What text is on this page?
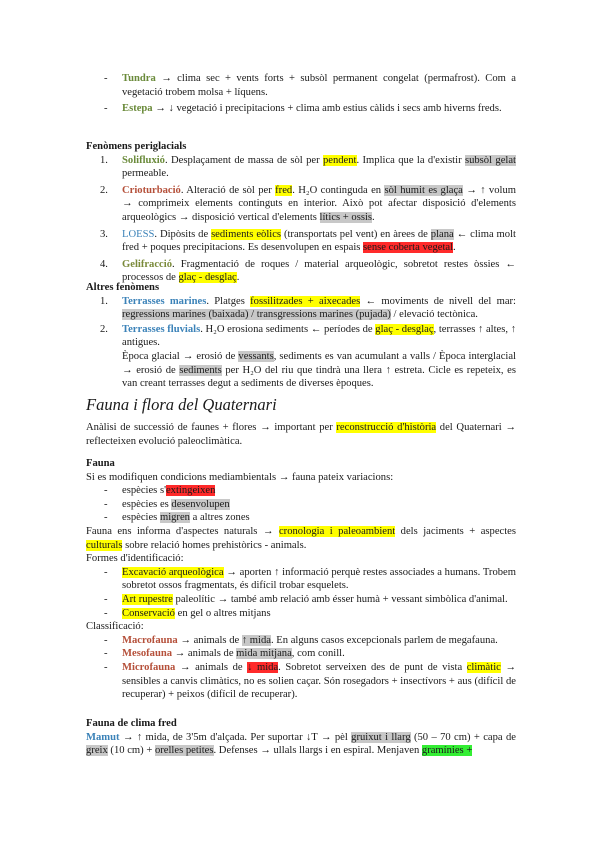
- Tundra → clima sec + vents forts + subsòl permanent congelat (permafrost). Com a vegetació trobem molsa + líquens.
- Estepa → ↓ vegetació i precipitacions + clima amb estius càlids i secs amb hiverns freds.
Fenòmens periglacials
1. Solifluxió. Desplaçament de massa de sòl per pendent. Implica que la d'existir subsòl gelat permeable.
2. Crioturbació. Alteració de sòl per fred. H₂O continguda en sòl humit es glaça → ↑ volum → comprimeix elements continguts en interior. Això pot afectar disposició d'elements arqueològics → disposició vertical d'elements lítics + ossis.
3. LOESS. Dipòsits de sediments eòlics (transportats pel vent) en àrees de plana ← clima molt fred + poques precipitacions. Es desenvolupen en espais sense coberta vegetal.
4. Gelifracció. Fragmentació de roques / material arqueològic, sobretot restes òssies ← processos de glaç - desglaç.
Altres fenòmens
1. Terrasses marines. Platges fossilitzades + aixecades ← moviments de nivell del mar: regressions marines (baixada) / transgressions marines (pujada) / elevació tectònica.
2. Terrasses fluvials. H₂O erosiona sediments ← períodes de glaç - desglaç, terrasses ↑ altes, ↑ antigues.
Època glacial → erosió de vessants, sediments es van acumulant a valls / Època interglacial → erosió de sediments per H₂O del riu que tindrà una llera ↑ estreta. Cicle es repeteix, es van creant terrasses degut a sediments de diverses èpoques.
Fauna i flora del Quaternari
Anàlisi de successió de faunes + flores → important per reconstrucció d'història del Quaternari → reflecteixen evolució paleoclimàtica.
Fauna
Si es modifiquen condicions mediambientals → fauna pateix variacions:
- espècies s'extingeixen
- espècies es desenvolupen
- espècies migren a altres zones
Fauna ens informa d'aspectes naturals → cronologia i paleoambient dels jaciments + aspectes culturals sobre relació homes prehistòrics - animals.
Formes d'identificació:
- Excavació arqueològica → aporten ↑ informació perquè restes associades a humans. Trobem sobretot ossos fragmentats, és difícil trobar esquelets.
- Art rupestre paleolític → també amb relació amb ésser humà + vessant simbòlica d'animal.
- Conservació en gel o altres mitjans
Classificació:
- Macrofauna → animals de ↑ mida. En alguns casos excepcionals parlem de megafauna.
- Mesofauna → animals de mida mitjana, com conill.
- Microfauna → animals de ↓ mida. Sobretot serveixen des de punt de vista climàtic → sensibles a canvis climàtics, no es solien caçar. Són rosegadors + insectívors + aus (difícil de recuperar) + peixos (difícil de recuperar).
Fauna de clima fred
Mamut → ↑ mida, de 3'5m d'alçada. Per suportar ↓T → pèl gruixut i llarg (50 – 70 cm) + capa de greix (10 cm) + orelles petites. Defenses → ullals llargs i en espiral. Menjaven gramínies +
